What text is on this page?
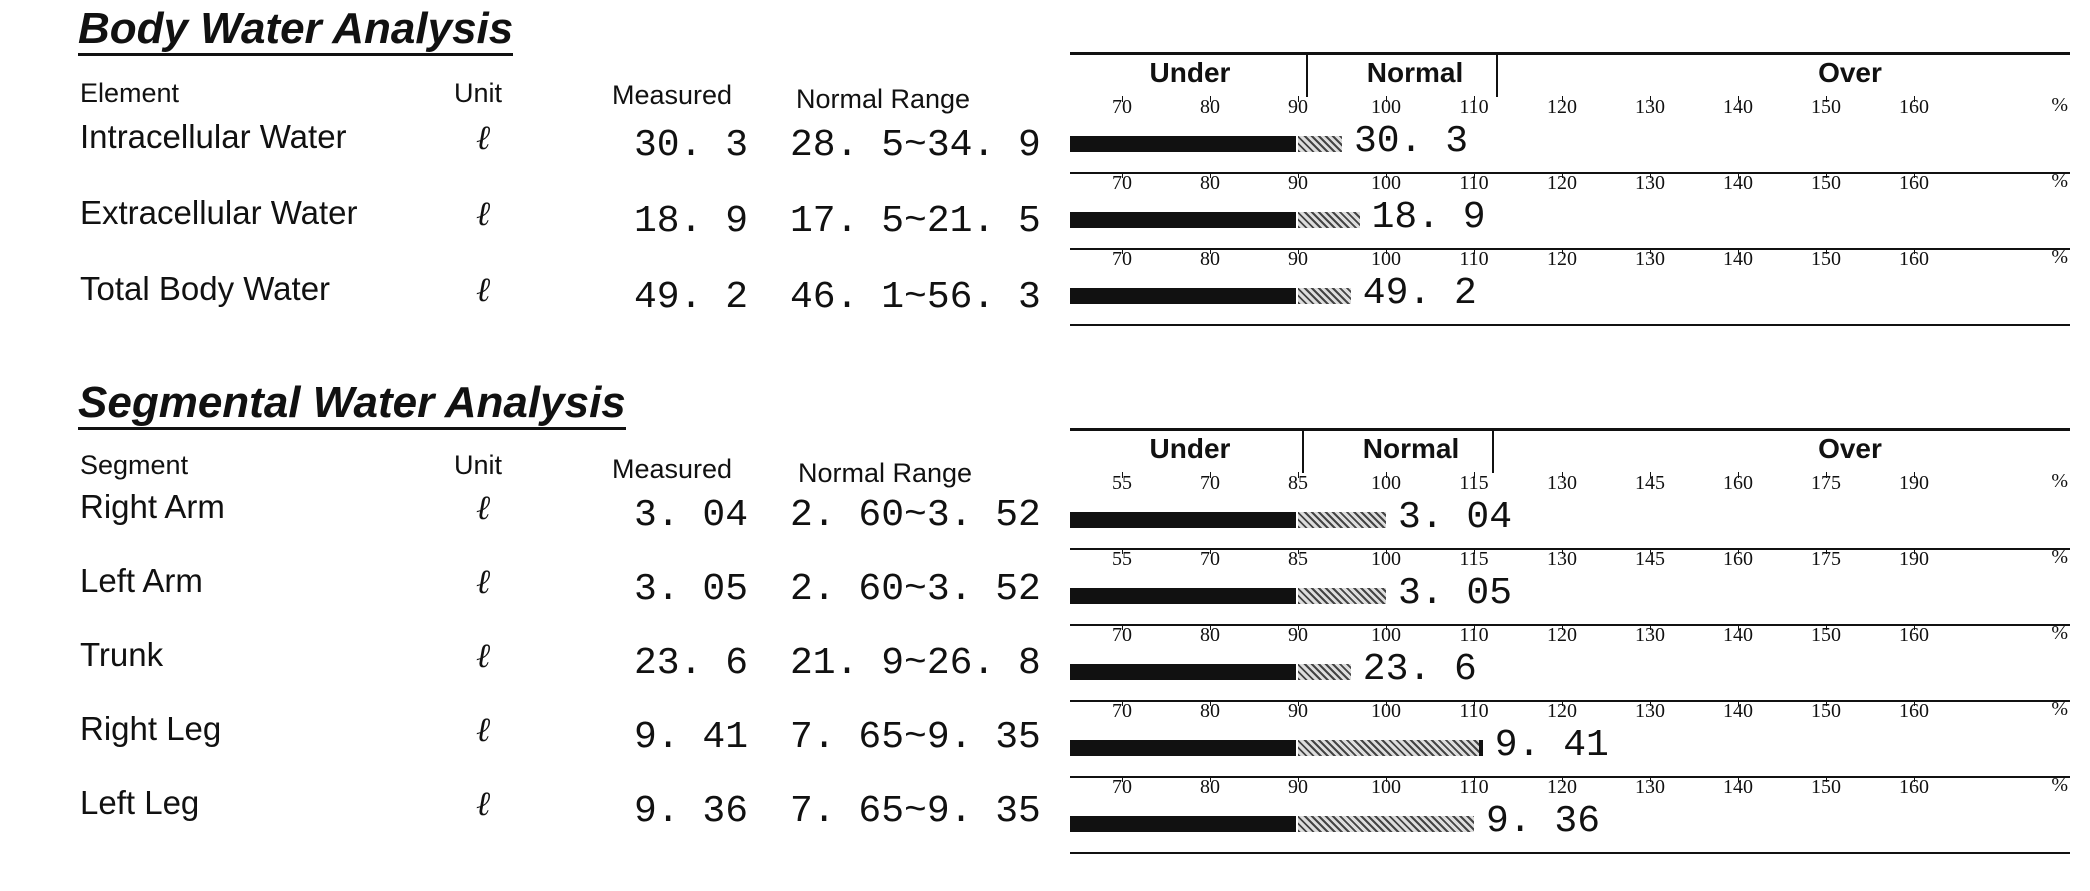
Body Water Analysis
Element	Unit	Measured Normal Range
Intracellular Water	ℓ	30. 3 28. 5~34. 9
Extracellular Water	ℓ	18. 9 17. 5~21. 5
Total Body Water	ℓ	49. 2 46. 1~56. 3
Under	Normal	Over
70	80	90	100	110	120	130	140	150	160	%
30. 3
70	80	90	100	110	120	130	140	150	160	%
18. 9
70	80	90	100	110	120	130	140	150	160	%
49. 2
Segmental Water Analysis
Segment	Unit	Measured Normal Range
Right Arm	ℓ	3. 04 2. 60~3. 52
Left Arm	ℓ	3. 05 2. 60~3. 52
Trunk	ℓ	23. 6 21. 9~26. 8
Right Leg	ℓ	9. 41 7. 65~9. 35
Left Leg	ℓ	9. 36 7. 65~9. 35
Under	Normal	Over
55	70	85	100	115	130	145	160	175	190	%
3. 04
55	70	85	100	115	130	145	160	175	190	%
3. 05
70	80	90	100	110	120	130	140	150	160	%
23. 6
70	80	90	100	110	120	130	140	150	160	%
9. 41
70	80	90	100	110	120	130	140	150	160	%
9. 36
